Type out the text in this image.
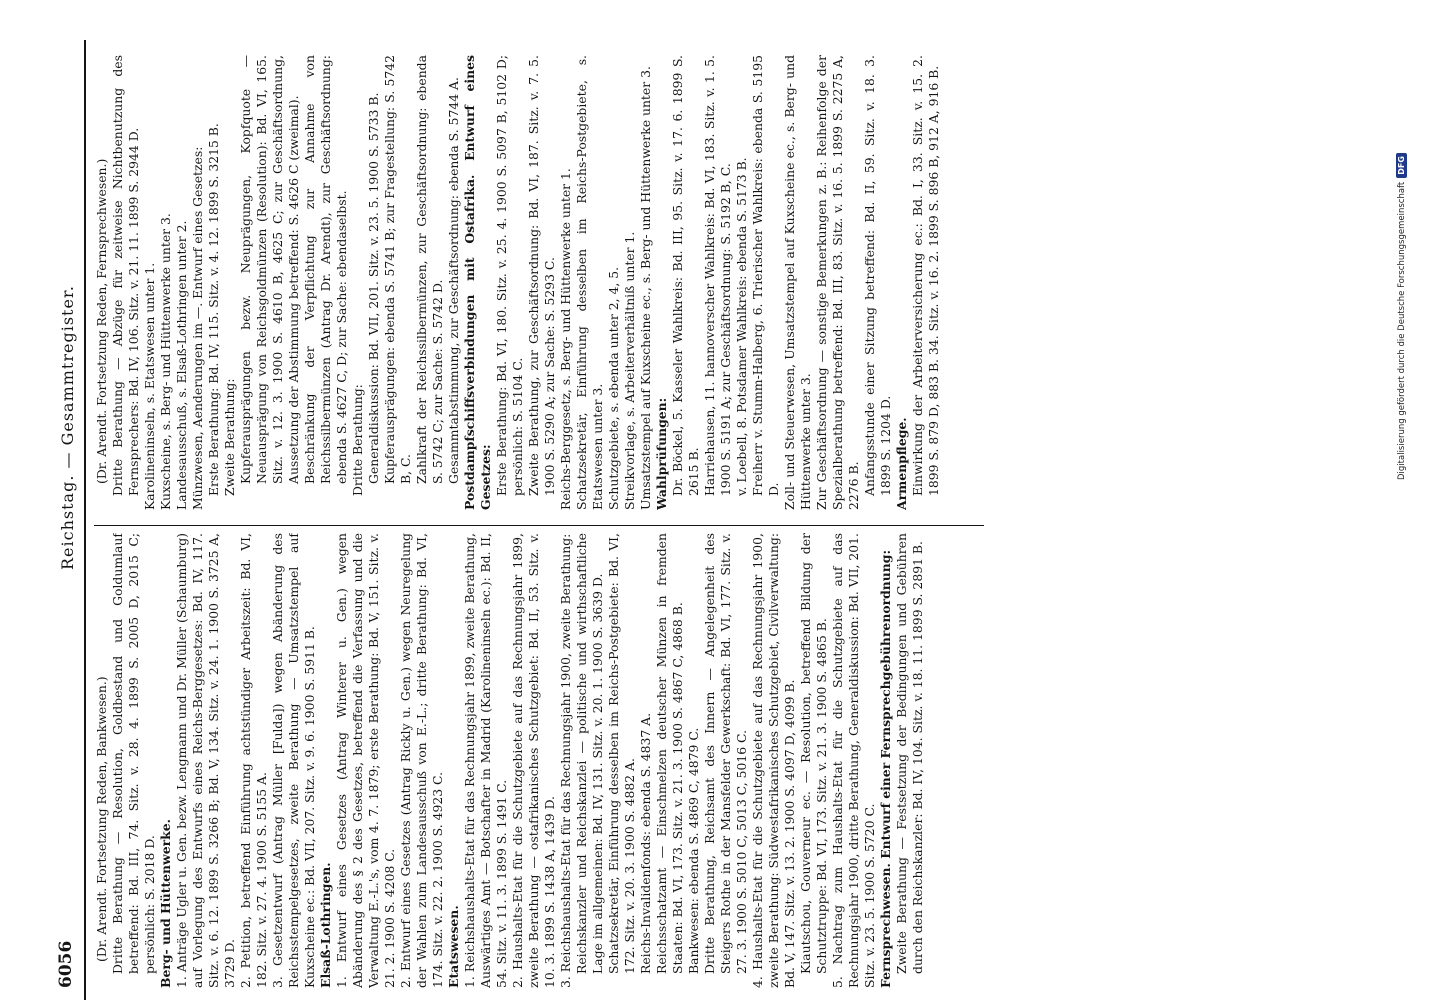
6056
Reichstag. — Gesammtregister.

(Dr. Arendt. Fortsetzung Reden, Bankwesen.) Dritte Berathung — Resolution, Goldbestand und Goldumlauf betreffend: Bd. III, 74. Sitz. v. 28. 4. 1899 S. 2005 D, 2015 C; persönlich: S. 2018 D. Berg- und Hüttenwerke. 1. Anträge Ugler u. Gen. bezw. Lengmann und Dr. Müller (Schaumburg) auf Vorlegung des Entwurfs eines Reichs-Berggesetzes: Bd. IV, 117. Sitz. v. 6. 12. 1899 S. 3266 B; Bd. V, 134. Sitz. v. 24. 1. 1900 S. 3725 A, 3729 D. 2. Petition, betreffend Einführung achtstündiger Arbeitszeit: Bd. VI, 182. Sitz. v. 27. 4. 1900 S. 5155 A. 3. Gesetzentwurf (Antrag Müller [Fulda]) wegen Abänderung des Reichsstempelgesetzes, zweite Berathung — Umsatzstempel auf Kuxscheine ec.: Bd. VII, 207. Sitz. v. 9. 6. 1900 S. 5911 B. Elsaß-Lothringen. 1. Entwurf eines Gesetzes (Antrag Winterer u. Gen.) wegen Abänderung des § 2 des Gesetzes, betreffend die Verfassung und die Verwaltung E.-L.'s, vom 4. 7. 1879; erste Berathung: Bd. V, 151. Sitz. v. 21. 2. 1900 S. 4208 C. 2. Entwurf eines Gesetzes (Antrag Rickly u. Gen.) wegen Neuregelung der Wahlen zum Landesausschuß von E.-L.; dritte Berathung: Bd. VI, 174. Sitz. v. 22. 2. 1900 S. 4923 C. Etatswesen. 1. Reichshaushalts-Etat für das Rechnungsjahr 1899, zweite Berathung, Auswärtiges Amt — Botschafter in Madrid (Karolineninseln ec.): Bd. II, 54. Sitz. v. 11. 3. 1899 S. 1491 C. 2. Haushalts-Etat für die Schutzgebiete auf das Rechnungsjahr 1899, zweite Berathung — ostafrikanisches Schutzgebiet: Bd. II, 53. Sitz. v. 10. 3. 1899 S. 1438 A, 1439 D. 3. Reichshaushalts-Etat für das Rechnungsjahr 1900, zweite Berathung: Reichskanzler und Reichskanzlei — politische und wirthschaftliche Lage im allgemeinen: Bd. IV, 131. Sitz. v. 20. 1. 1900 S. 3639 D. Schatzsekretär, Einführung desselben im Reichs-Postgebiete: Bd. VI, 172. Sitz. v. 20. 3. 1900 S. 4882 A. Reichs-Invalidenfonds: ebenda S. 4837 A. Reichsschatzamt — Einschmelzen deutscher Münzen in fremden Staaten: Bd. VI, 173. Sitz. v. 21. 3. 1900 S. 4867 C, 4868 B. Bankwesen: ebenda S. 4869 C, 4879 C. Dritte Berathung, Reichsamt des Innern — Angelegenheit des Steigers Rothe in der Mansfelder Gewerkschaft: Bd. VI, 177. Sitz. v. 27. 3. 1900 S. 5010 C, 5013 C, 5016 C. 4. Haushalts-Etat für die Schutzgebiete auf das Rechnungsjahr 1900, zweite Berathung: Südwestafrikanisches Schutzgebiet, Civilverwaltung: Bd. V, 147. Sitz. v. 13. 2. 1900 S. 4097 D, 4099 B. Kiautschou, Gouverneur ec. — Resolution, betreffend Bildung der Schutztruppe: Bd. VI, 173. Sitz. v. 21. 3. 1900 S. 4865 B. 5. Nachtrag zum Haushalts-Etat für die Schutzgebiete auf das Rechnungsjahr 1900, dritte Berathung, Generaldiskussion: Bd. VII, 201. Sitz. v. 23. 5. 1900 S. 5720 C. Fernsprechwesen. Entwurf einer Fernsprechgebührenordnung: Zweite Berathung — Festsetzung der Bedingungen und Gebühren durch den Reichskanzler: Bd. IV, 104. Sitz. v. 18. 11. 1899 S. 2891 B.

(Dr. Arendt. Fortsetzung Reden, Fernsprechwesen.) Dritte Berathung — Abzüge für zeitweise Nichtbenutzung des Fernsprechers: Bd. IV, 106. Sitz. v. 21. 11. 1899 S. 2944 D. Karolineninseln, s. Etatswesen unter 1. Kuxscheine, s. Berg- und Hüttenwerke unter 3. Landesausschuß, s. Elsaß-Lothringen unter 2. Münzwesen, Aenderungen im —. Entwurf eines Gesetzes: Erste Berathung: Bd. IV, 115. Sitz. v. 4. 12. 1899 S. 3215 B. Zweite Berathung: Kupferausprägungen bezw. Neuprägungen, Kopfquote — Neuausprägung von Reichsgoldmünzen (Resolution): Bd. VI, 165. Sitz. v. 12. 3. 1900 S. 4610 B, 4625 C; zur Geschäftsordnung, Aussetzung der Abstimmung betreffend: S. 4626 C (zweimal). Beschränkung der Verpflichtung zur Annahme von Reichssilbermünzen (Antrag Dr. Arendt), zur Geschäftsordnung: ebenda S. 4627 C, D; zur Sache: ebendaselbst. Dritte Berathung: Generaldiskussion: Bd. VII, 201. Sitz. v. 23. 5. 1900 S. 5733 B. Kupferausprägungen: ebenda S. 5741 B; zur Fragestellung: S. 5742 B, C. Zahlkraft der Reichssilbermünzen, zur Geschäftsordnung: ebenda S. 5742 C; zur Sache: S. 5742 D. Gesammtabstimmung, zur Geschäftsordnung: ebenda S. 5744 A. Postdampfschiffsverbindungen mit Ostafrika. Entwurf eines Gesetzes: Erste Berathung: Bd. VI, 180. Sitz. v. 25. 4. 1900 S. 5097 B, 5102 D; persönlich: S. 5104 C. Zweite Berathung, zur Geschäftsordnung: Bd. VI, 187. Sitz. v. 7. 5. 1900 S. 5290 A; zur Sache: S. 5293 C. Reichs-Berggesetz, s. Berg- und Hüttenwerke unter 1. Schatzsekretär, Einführung desselben im Reichs-Postgebiete, s. Etatswesen unter 3. Schutzgebiete, s. ebenda unter 2, 4, 5. Streikvorlage, s. Arbeiterverhältniß unter 1. Umsatzstempel auf Kuxscheine ec., s. Berg- und Hüttenwerke unter 3. Wahlprüfungen: Dr. Böckel, 5. Kasseler Wahlkreis: Bd. III, 95. Sitz. v. 17. 6. 1899 S. 2615 B. Harriehausen, 11. hannoverscher Wahlkreis: Bd. VI, 183. Sitz. v. 1. 5. 1900 S. 5191 A; zur Geschäftsordnung: S. 5192 B, C. v. Loebell, 8. Potsdamer Wahlkreis: ebenda S. 5173 B. Freiherr v. Stumm-Halberg, 6. Trierischer Wahlkreis: ebenda S. 5195 D. Zoll- und Steuerwesen, Umsatzstempel auf Kuxscheine ec., s. Berg- und Hüttenwerke unter 3. Zur Geschäftsordnung — sonstige Bemerkungen z. B.: Reihenfolge der Spezialberathung betreffend: Bd. III, 83. Sitz. v. 16. 5. 1899 S. 2275 A, 2276 B. Anfangsstunde einer Sitzung betreffend: Bd. II, 59. Sitz. v. 18. 3. 1899 S. 1204 D. Armenpflege. Einwirkung der Arbeiterversicherung ec.: Bd. I, 33. Sitz. v. 15. 2. 1899 S. 879 D, 883 B. 34. Sitz. v. 16. 2. 1899 S. 896 B, 912 A, 916 B.	Digitalisierung gefördert durch die Deutsche Forschungsgemeinschaft
DFG
